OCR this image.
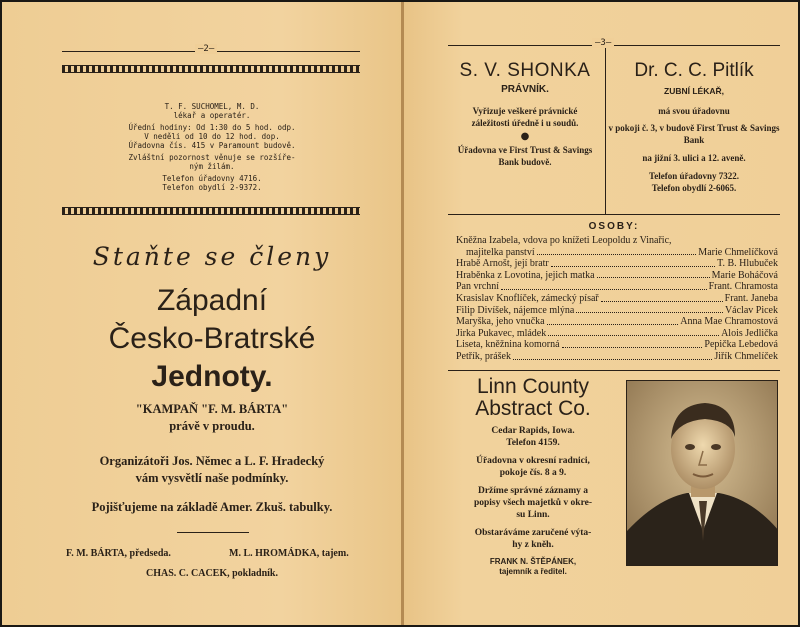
—2—
T. F. SUCHOMEL, M. D.
lékař a operatér.
Úřední hodiny: Od 1:30 do 5 hod. odp.
V neděli od 10 do 12 hod. dop.
Úřadovna čís. 415 v Paramount budově.
Zvláštní pozornost věnuje se rozšíře-
ným žilám.
Telefon úřadovny 4716.
Telefon obydlí 2-9372.
Staňte se členy
Západní
Česko-Bratrské
Jednoty.
"KAMPAŇ "F. M. BÁRTA"
právě v proudu.
Organizátoři Jos. Němec a L. F. Hradecký
vám vysvětlí naše podmínky.
Pojišťujeme na základě Amer. Zkuš. tabulky.
F. M. BÁRTA, předseda.	M. L. HROMÁDKA, tajem.
CHAS. C. CACEK, pokladník.
—3—
S. V. SHONKA
PRÁVNÍK.
Vyřizuje veškeré právnické záležitosti úředně i u soudů.
●
Úřadovna ve First Trust & Savings Bank budově.
Dr. C. C. Pitlík
ZUBNÍ LÉKAŘ,
má svou úřadovnu
v pokoji č. 3, v budově First Trust & Savings Bank
na jižní 3. ulici a 12. aveně.
Telefon úřadovny 7322.
Telefon obydlí 2-6065.
OSOBY:
Kněžna Izabela, vdova po knížeti Leopoldu z Vinařic,
majitelka panství	Marie Chmelíčková
Hrabě Arnošt, její bratr	T. B. Hlubuček
Hraběnka z Lovotina, jejich matka	Marie Boháčová
Pan vrchní	Frant. Chramosta
Krasislav Knoflíček, zámecký písař	Frant. Janeba
Filip Divíšek, nájemce mlýna	Václav Picek
Maryška, jeho vnučka	Anna Mae Chramostová
Jirka Pukavec, mládek	Alois Jedlička
Liseta, kněžnina komorná	Pepička Lebedová
Petřík, prášek	Jiřík Chmelíček
Linn County
Abstract Co.
Cedar Rapids, Iowa.
Telefon 4159.
Úřadovna v okresní radnici,
pokoje čís. 8 a 9.
Držíme správné záznamy a
popisy všech majetků v okre-
su Linn.
Obstaráváme zaručené výta-
hy z kněh.
FRANK N. ŠTĚPÁNEK,
tajemník a ředitel.
